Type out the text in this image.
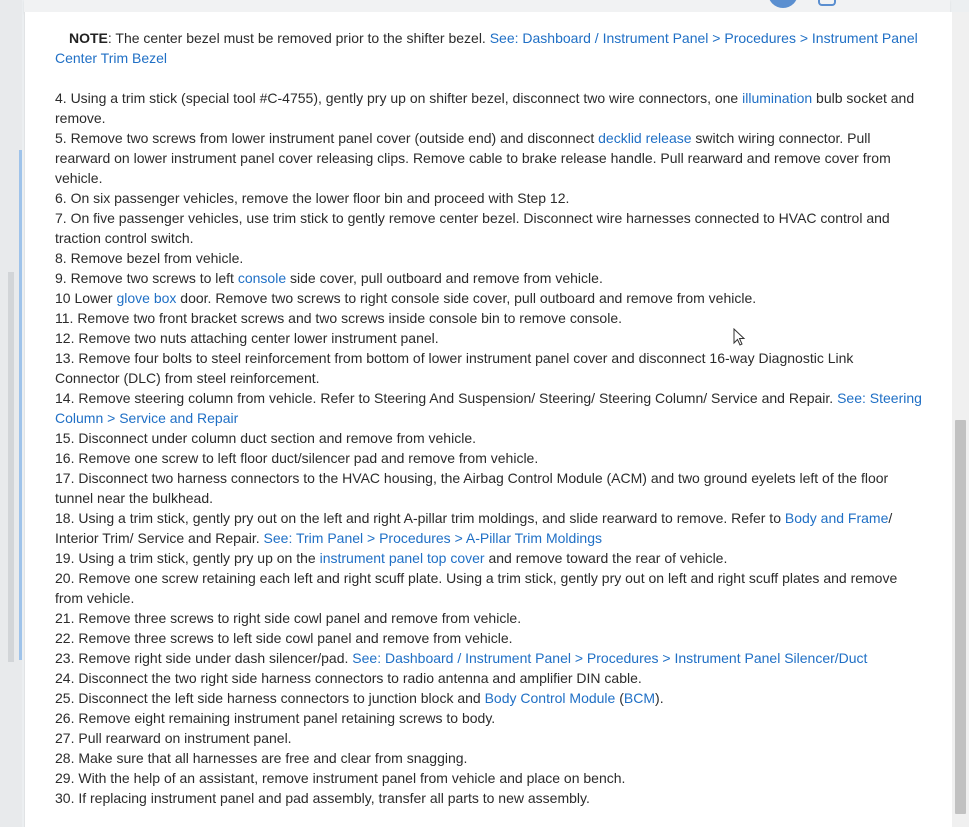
NOTE: The center bezel must be removed prior to the shifter bezel. See: Dashboard / Instrument Panel > Procedures > Instrument Panel
Center Trim Bezel
4. Using a trim stick (special tool #C-4755), gently pry up on shifter bezel, disconnect two wire connectors, one illumination bulb socket and
remove.
5. Remove two screws from lower instrument panel cover (outside end) and disconnect decklid release switch wiring connector. Pull
rearward on lower instrument panel cover releasing clips. Remove cable to brake release handle. Pull rearward and remove cover from
vehicle.
6. On six passenger vehicles, remove the lower floor bin and proceed with Step 12.
7. On five passenger vehicles, use trim stick to gently remove center bezel. Disconnect wire harnesses connected to HVAC control and
traction control switch.
8. Remove bezel from vehicle.
9. Remove two screws to left console side cover, pull outboard and remove from vehicle.
10 Lower glove box door. Remove two screws to right console side cover, pull outboard and remove from vehicle.
11. Remove two front bracket screws and two screws inside console bin to remove console.
12. Remove two nuts attaching center lower instrument panel.
13. Remove four bolts to steel reinforcement from bottom of lower instrument panel cover and disconnect 16-way Diagnostic Link
Connector (DLC) from steel reinforcement.
14. Remove steering column from vehicle. Refer to Steering And Suspension/ Steering/ Steering Column/ Service and Repair. See: Steering
Column > Service and Repair
15. Disconnect under column duct section and remove from vehicle.
16. Remove one screw to left floor duct/silencer pad and remove from vehicle.
17. Disconnect two harness connectors to the HVAC housing, the Airbag Control Module (ACM) and two ground eyelets left of the floor
tunnel near the bulkhead.
18. Using a trim stick, gently pry out on the left and right A-pillar trim moldings, and slide rearward to remove. Refer to Body and Frame/
Interior Trim/ Service and Repair. See: Trim Panel > Procedures > A-Pillar Trim Moldings
19. Using a trim stick, gently pry up on the instrument panel top cover and remove toward the rear of vehicle.
20. Remove one screw retaining each left and right scuff plate. Using a trim stick, gently pry out on left and right scuff plates and remove
from vehicle.
21. Remove three screws to right side cowl panel and remove from vehicle.
22. Remove three screws to left side cowl panel and remove from vehicle.
23. Remove right side under dash silencer/pad. See: Dashboard / Instrument Panel > Procedures > Instrument Panel Silencer/Duct
24. Disconnect the two right side harness connectors to radio antenna and amplifier DIN cable.
25. Disconnect the left side harness connectors to junction block and Body Control Module (BCM).
26. Remove eight remaining instrument panel retaining screws to body.
27. Pull rearward on instrument panel.
28. Make sure that all harnesses are free and clear from snagging.
29. With the help of an assistant, remove instrument panel from vehicle and place on bench.
30. If replacing instrument panel and pad assembly, transfer all parts to new assembly.
